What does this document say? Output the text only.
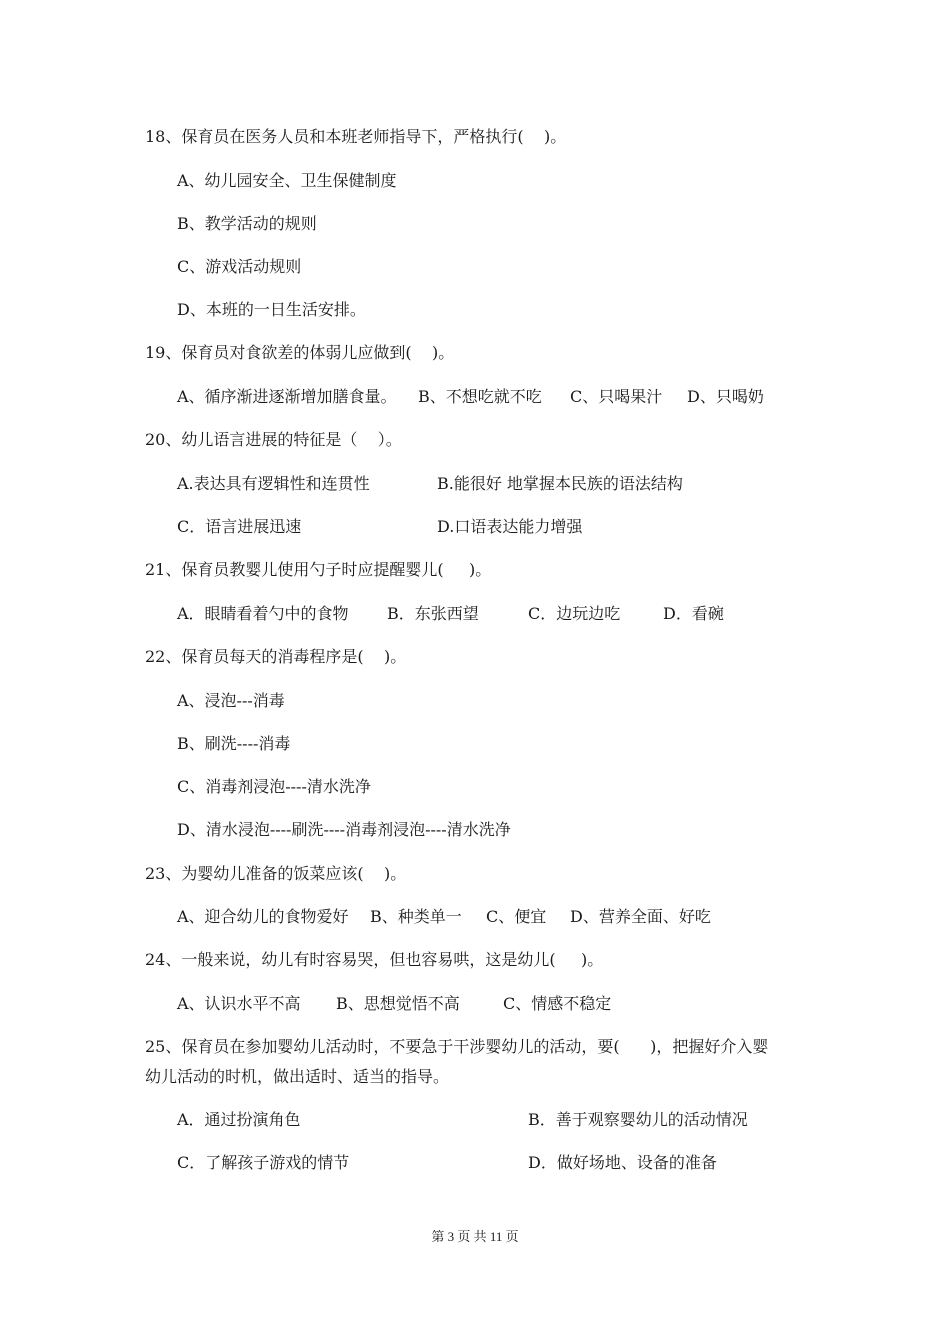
18、保育员在医务人员和本班老师指导下，严格执行(    )。
A、幼儿园安全、卫生保健制度
B、教学活动的规则
C、游戏活动规则
D、本班的一日生活安排。
19、保育员对食欲差的体弱儿应做到(    )。
A、循序渐进逐渐增加膳食量。 B、不想吃就不吃 C、只喝果汁 D、只喝奶
20、幼儿语言进展的特征是（    ）。
A.表达具有逻辑性和连贯性	B.能很好 地掌握本民族的语法结构
C．语言进展迅速	D.口语表达能力增强
21、保育员教婴儿使用勺子时应提醒婴儿(     )。
A．眼睛看着勺中的食物 B．东张西望	C．边玩边吃	D．看碗
22、保育员每天的消毒程序是(    )。
A、浸泡---消毒
B、刷洗----消毒
C、消毒剂浸泡----清水洗净
D、清水浸泡----刷洗----消毒剂浸泡----清水洗净
23、为婴幼儿准备的饭菜应该(    )。
A、迎合幼儿的食物爱好 B、种类单一 C、便宜 D、营养全面、好吃
24、一般来说，幼儿有时容易哭，但也容易哄，这是幼儿(     )。
A、认识水平不高 B、思想觉悟不高	C、情感不稳定
25、保育员在参加婴幼儿活动时，不要急于干涉婴幼儿的活动，要(      )，把握好介入婴
幼儿活动的时机，做出适时、适当的指导。
A．通过扮演角色	B．善于观察婴幼儿的活动情况
C．了解孩子游戏的情节	D．做好场地、设备的准备
第 3 页 共 11 页
